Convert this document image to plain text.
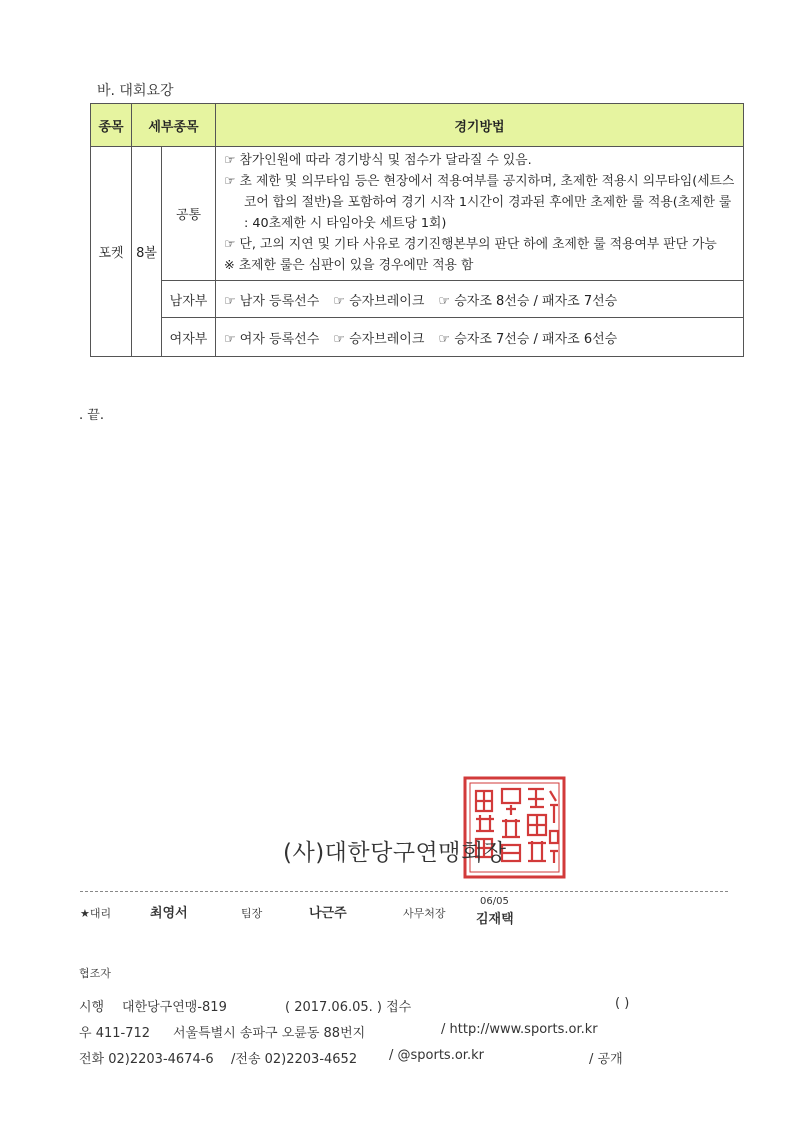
바. 대회요강
종목	세부종목		경기방법
포켓	8볼	공통	☞ 참가인원에 따라 경기방식 및 점수가 달라질 수 있음.
☞ 초 제한 및 의무타임 등은 현장에서 적용여부를 공지하며, 초제한 적용시 의무타임(세트스코어 합의 절반)을 포함하여 경기 시작 1시간이 경과된 후에만 초제한 룰 적용(초제한 룰 : 40초제한 시 타임아웃 세트당 1회)
☞ 단, 고의 지연 및 기타 사유로 경기진행본부의 판단 하에 초제한 룰 적용여부 판단 가능
※ 초제한 룰은 심판이 있을 경우에만 적용 함

		남자부	☞ 남자 등록선수 ☞ 승자브레이크 ☞ 승자조 8선승 / 패자조 7선승
		여자부	☞ 여자 등록선수 ☞ 승자브레이크 ☞ 승자조 7선승 / 패자조 6선승
. 끝.
(사)대한당구연맹회장
★대리	최영서	팀장	나근주	사무처장
06/05
김재택
협조자
시행 대한당구연맹-819	( 2017.06.05. ) 접수	( )
우 411-712 서울특별시 송파구 오륜동 88번지	/ http://www.sports.or.kr
전화 02)2203-4674-6 /전송 02)2203-4652 / @sports.or.kr	/ 공개
